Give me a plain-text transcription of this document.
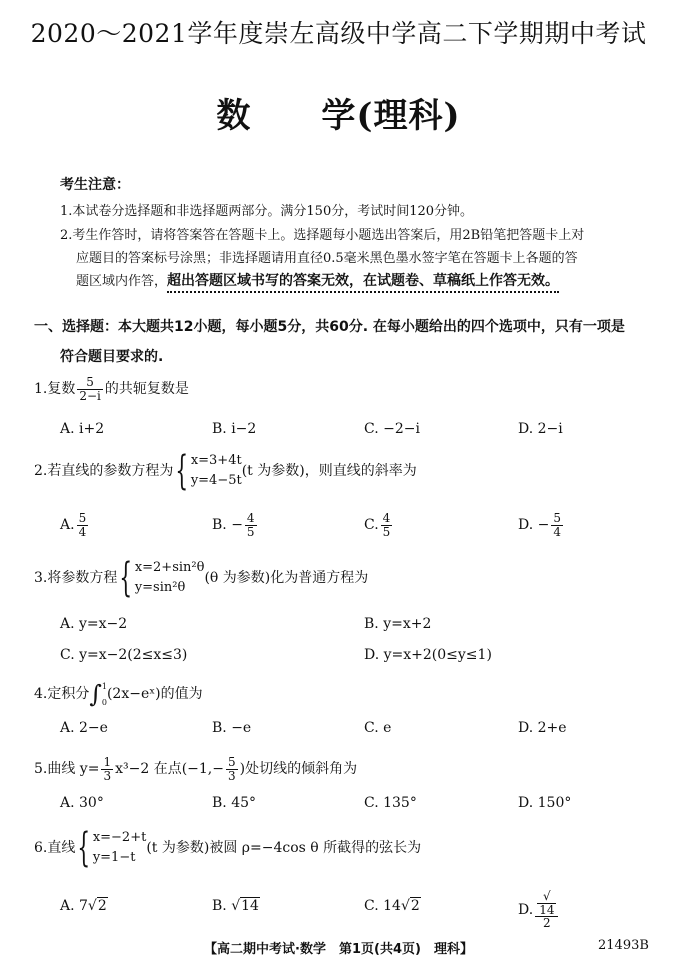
2020～2021学年度崇左高级中学高二下学期期中考试
数　　学(理科)
考生注意：
1.本试卷分选择题和非选择题两部分。满分150分，考试时间120分钟。
2.考生作答时，请将答案答在答题卡上。选择题每小题选出答案后，用2B铅笔把答题卡上对
应题目的答案标号涂黑；非选择题请用直径0.5毫米黑色墨水签字笔在答题卡上各题的答
题区域内作答，超出答题区域书写的答案无效，在试题卷、草稿纸上作答无效。
一、选择题：本大题共12小题，每小题5分，共60分. 在每小题给出的四个选项中，只有一项是
符合题目要求的.
1.复数 $\frac{5}{2-i}$ 的共轭复数是
A. i+2	B. i−2	C. −2−i	D. 2−i
2.若直线的参数方程为{ x=3+4t
y=4−5t(t 为参数)，则直线的斜率为
A. $\frac{5}{4}$	B. − $\frac{4}{5}$	C. $\frac{4}{5}$	D. − $\frac{5}{4}$
3.将参数方程{ x=2+sin²θ
y=sin²θ(θ 为参数)化为普通方程为
A. y=x−2	B. y=x+2
C. y=x−2(2≤x≤3)	D. y=x+2(0≤y≤1)
4.定积分∫1
0(2x−eˣ)的值为
A. 2−e	B. −e	C. e	D. 2+e
5.曲线 $y= \frac{1}{3} x^3-2$ 在点($-1,- \frac{5}{3}$ )处切线的倾斜角为
A. 30°	B. 45°	C. 135°	D. 150°
6.直线{ x=−2+t
y=1−t(t 为参数)被圆 ρ=−4cos θ 所截得的弦长为
A. 7√2	B. √14	C. 14√2	D. √
14
2
【高二期中考试·数学　第1页(共4页)　理科】	21493B
